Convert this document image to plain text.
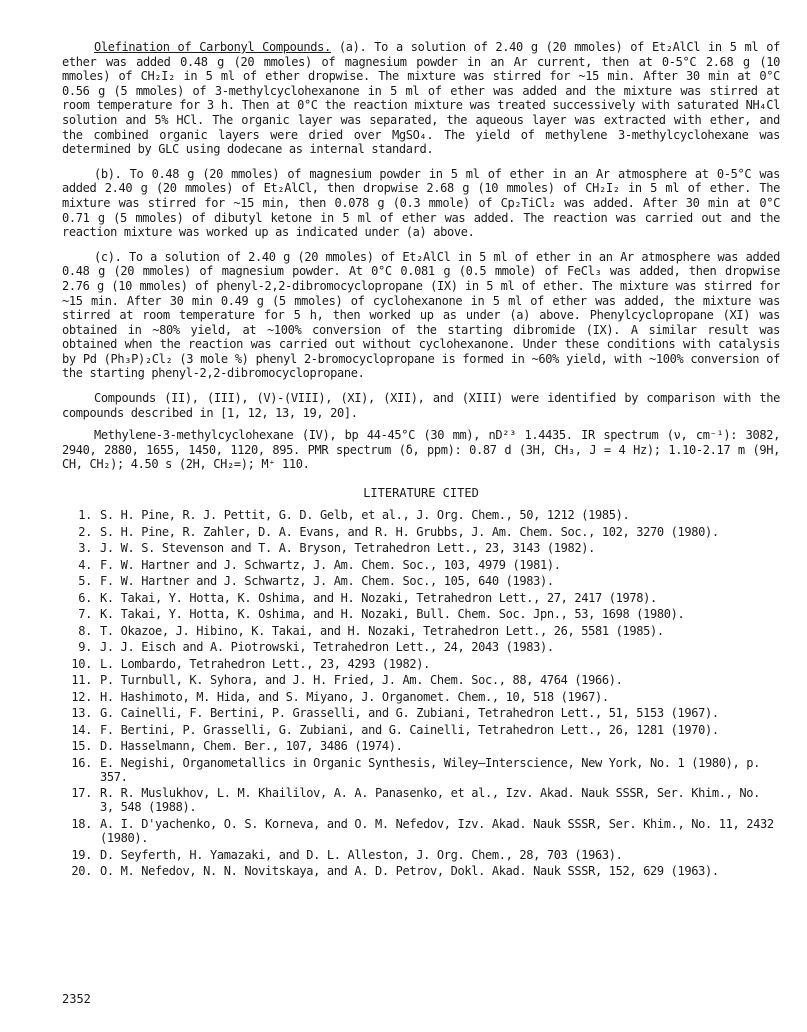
Olefination of Carbonyl Compounds. (a). To a solution of 2.40 g (20 mmoles) of Et₂AlCl in 5 ml of ether was added 0.48 g (20 mmoles) of magnesium powder in an Ar current, then at 0-5°C 2.68 g (10 mmoles) of CH₂I₂ in 5 ml of ether dropwise. The mixture was stirred for ~15 min. After 30 min at 0°C 0.56 g (5 mmoles) of 3-methylcyclohexanone in 5 ml of ether was added and the mixture was stirred at room temperature for 3 h. Then at 0°C the reaction mixture was treated successively with saturated NH₄Cl solution and 5% HCl. The organic layer was separated, the aqueous layer was extracted with ether, and the combined organic layers were dried over MgSO₄. The yield of methylene 3-methylcyclohexane was determined by GLC using dodecane as internal standard.

(b). To 0.48 g (20 mmoles) of magnesium powder in 5 ml of ether in an Ar atmosphere at 0-5°C was added 2.40 g (20 mmoles) of Et₂AlCl, then dropwise 2.68 g (10 mmoles) of CH₂I₂ in 5 ml of ether. The mixture was stirred for ~15 min, then 0.078 g (0.3 mmole) of Cp₂TiCl₂ was added. After 30 min at 0°C 0.71 g (5 mmoles) of dibutyl ketone in 5 ml of ether was added. The reaction was carried out and the reaction mixture was worked up as indicated under (a) above.

(c). To a solution of 2.40 g (20 mmoles) of Et₂AlCl in 5 ml of ether in an Ar atmosphere was added 0.48 g (20 mmoles) of magnesium powder. At 0°C 0.081 g (0.5 mmole) of FeCl₃ was added, then dropwise 2.76 g (10 mmoles) of phenyl-2,2-dibromocyclopropane (IX) in 5 ml of ether. The mixture was stirred for ~15 min. After 30 min 0.49 g (5 mmoles) of cyclohexanone in 5 ml of ether was added, the mixture was stirred at room temperature for 5 h, then worked up as under (a) above. Phenylcyclopropane (XI) was obtained in ~80% yield, at ~100% conversion of the starting dibromide (IX). A similar result was obtained when the reaction was carried out without cyclohexanone. Under these conditions with catalysis by Pd (Ph₃P)₂Cl₂ (3 mole %) phenyl 2-bromocyclopropane is formed in ~60% yield, with ~100% conversion of the starting phenyl-2,2-dibromocyclopropane.

Compounds (II), (III), (V)-(VIII), (XI), (XII), and (XIII) were identified by comparison with the compounds described in [1, 12, 13, 19, 20].

Methylene-3-methylcyclohexane (IV), bp 44-45°C (30 mm), nD²³ 1.4435. IR spectrum (ν, cm⁻¹): 3082, 2940, 2880, 1655, 1450, 1120, 895. PMR spectrum (δ, ppm): 0.87 d (3H, CH₃, J = 4 Hz); 1.10-2.17 m (9H, CH, CH₂); 4.50 s (2H, CH₂=); M⁺ 110.

LITERATURE CITED
1. S. H. Pine, R. J. Pettit, G. D. Gelb, et al., J. Org. Chem., 50, 1212 (1985).
2. S. H. Pine, R. Zahler, D. A. Evans, and R. H. Grubbs, J. Am. Chem. Soc., 102, 3270 (1980).
3. J. W. S. Stevenson and T. A. Bryson, Tetrahedron Lett., 23, 3143 (1982).
4. F. W. Hartner and J. Schwartz, J. Am. Chem. Soc., 103, 4979 (1981).
5. F. W. Hartner and J. Schwartz, J. Am. Chem. Soc., 105, 640 (1983).
6. K. Takai, Y. Hotta, K. Oshima, and H. Nozaki, Tetrahedron Lett., 27, 2417 (1978).
7. K. Takai, Y. Hotta, K. Oshima, and H. Nozaki, Bull. Chem. Soc. Jpn., 53, 1698 (1980).
8. T. Okazoe, J. Hibino, K. Takai, and H. Nozaki, Tetrahedron Lett., 26, 5581 (1985).
9. J. J. Eisch and A. Piotrowski, Tetrahedron Lett., 24, 2043 (1983).
10. L. Lombardo, Tetrahedron Lett., 23, 4293 (1982).
11. P. Turnbull, K. Syhora, and J. H. Fried, J. Am. Chem. Soc., 88, 4764 (1966).
12. H. Hashimoto, M. Hida, and S. Miyano, J. Organomet. Chem., 10, 518 (1967).
13. G. Cainelli, F. Bertini, P. Grasselli, and G. Zubiani, Tetrahedron Lett., 51, 5153 (1967).
14. F. Bertini, P. Grasselli, G. Zubiani, and G. Cainelli, Tetrahedron Lett., 26, 1281 (1970).
15. D. Hasselmann, Chem. Ber., 107, 3486 (1974).
16. E. Negishi, Organometallics in Organic Synthesis, Wiley—Interscience, New York, No. 1 (1980), p. 357.
17. R. R. Muslukhov, L. M. Khaililov, A. A. Panasenko, et al., Izv. Akad. Nauk SSSR, Ser. Khim., No. 3, 548 (1988).
18. A. I. D'yachenko, O. S. Korneva, and O. M. Nefedov, Izv. Akad. Nauk SSSR, Ser. Khim., No. 11, 2432 (1980).
19. D. Seyferth, H. Yamazaki, and D. L. Alleston, J. Org. Chem., 28, 703 (1963).
20. O. M. Nefedov, N. N. Novitskaya, and A. D. Petrov, Dokl. Akad. Nauk SSSR, 152, 629 (1963).
2352
